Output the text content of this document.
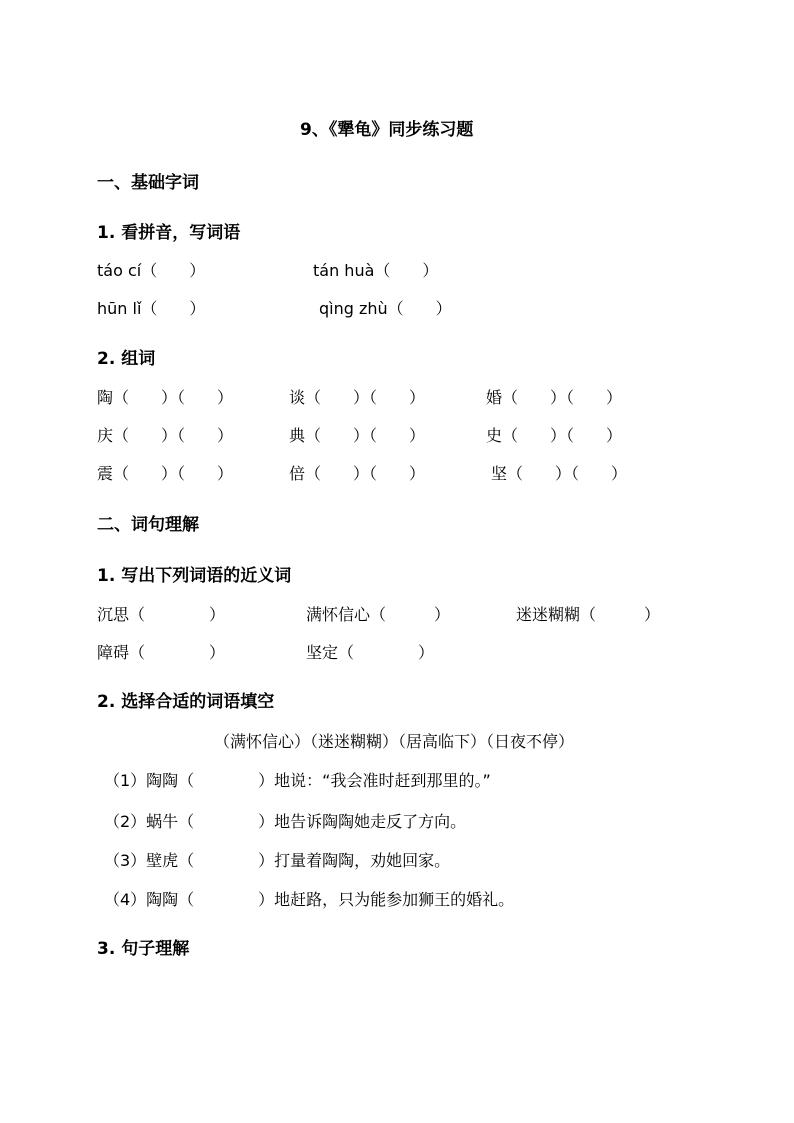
9、《犟龟》同步练习题
一、基础字词
1. 看拼音，写词语
táo cí（　　）	tán huà（　　）
hūn lǐ（　　）	qìng zhù（　　）
2. 组词
陶（　　）（　　）	谈（　　）（　　）	婚（　　）（　　）
庆（　　）（　　）	典（　　）（　　）	史（　　）（　　）
震（　　）（　　）	倍（　　）（　　）	坚（　　）（　　）
二、词句理解
1. 写出下列词语的近义词
沉思（　　　　）	满怀信心（　　　）	迷迷糊糊（　　　）
障碍（　　　　）	坚定（　　　　）
2. 选择合适的词语填空
（满怀信心）（迷迷糊糊）（居高临下）（日夜不停）
（1）陶陶（　　　　）地说：“我会准时赶到那里的。”
（2）蜗牛（　　　　）地告诉陶陶她走反了方向。
（3）壁虎（　　　　）打量着陶陶，劝她回家。
（4）陶陶（　　　　）地赶路，只为能参加狮王的婚礼。
3. 句子理解
